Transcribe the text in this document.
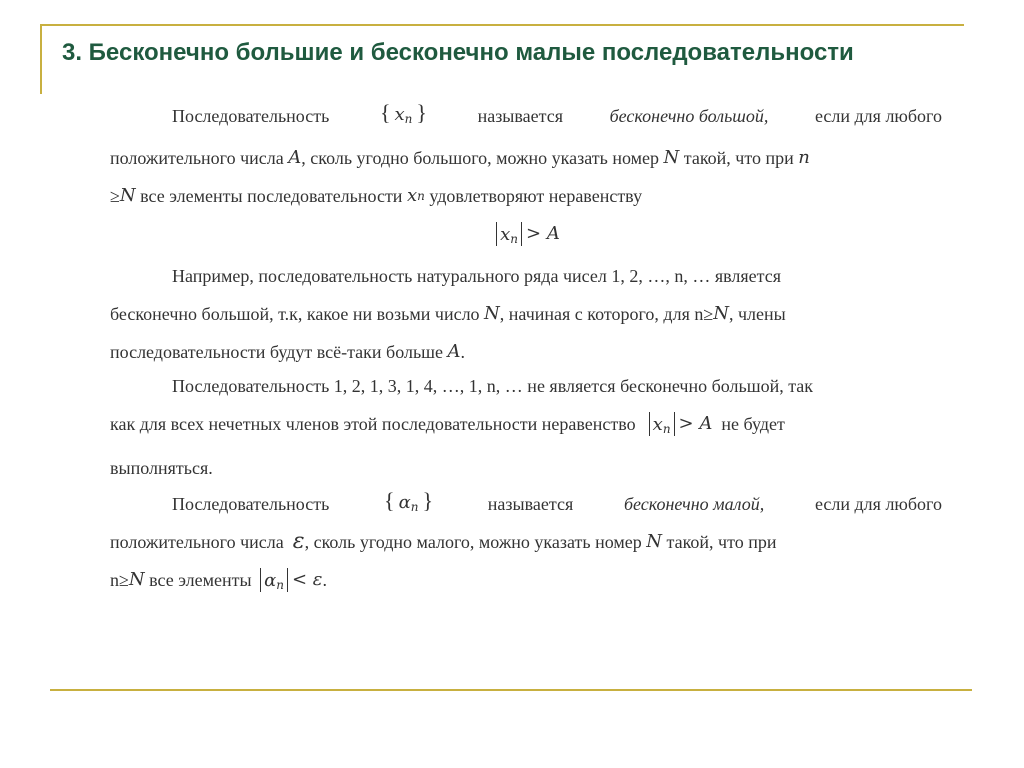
3. Бесконечно большие и бесконечно малые последовательности
Последовательность { $x_n$ }	называется	бесконечно большой,	если для любого
положительного числа
A , сколь угодно большого, можно указать номер
N
такой, что при
n
≥ N
все элементы последовательности
x n
удовлетворяют неравенству
$x_n > A$
Например, последовательность натурального ряда чисел 1, 2, …, n, … является
бесконечно большой, т.к, какое ни возьми число
N , начиная с которого, для n≥ N , члены
последовательности будут всё-таки больше
A .
Последовательность 1, 2, 1, 3, 1, 4, …, 1, n, … не является бесконечно большой, так
как для всех нечетных членов этой последовательности неравенство
$x_n > A$
не будет
выполняться.
Последовательность { $\alpha_n$ }	называется	бесконечно малой,	если для любого
положительного числа
ε , сколь угодно малого, можно указать номер
N
такой, что при
n≥ N
все элементы
$\alpha_n < \varepsilon$ .
